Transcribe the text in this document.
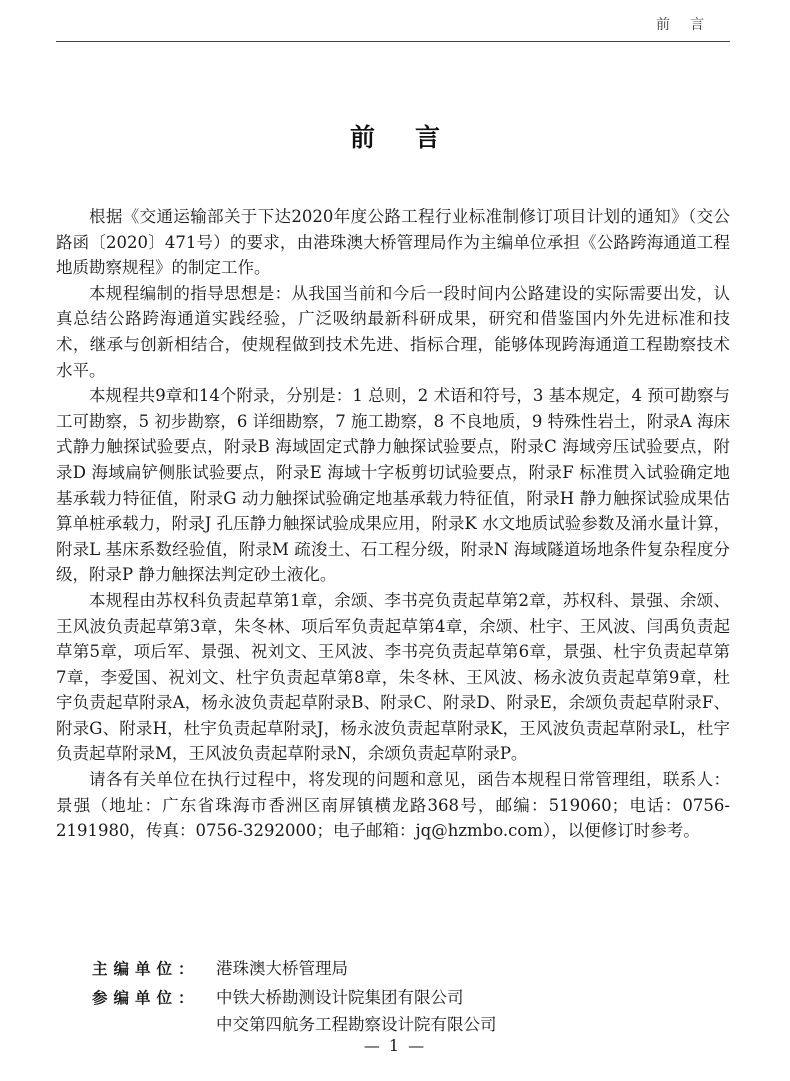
前言
前言

根据《交通运输部关于下达2020年度公路工程行业标准制修订项目计划的通知》（交公路函〔2020〕471号）的要求，由港珠澳大桥管理局作为主编单位承担《公路跨海通道工程地质勘察规程》的制定工作。

本规程编制的指导思想是：从我国当前和今后一段时间内公路建设的实际需要出发，认真总结公路跨海通道实践经验，广泛吸纳最新科研成果，研究和借鉴国内外先进标准和技术，继承与创新相结合，使规程做到技术先进、指标合理，能够体现跨海通道工程勘察技术水平。

本规程共9章和14个附录，分别是：1 总则，2 术语和符号，3 基本规定，4 预可勘察与工可勘察，5 初步勘察，6 详细勘察，7 施工勘察，8 不良地质，9 特殊性岩土，附录A 海床式静力触探试验要点，附录B 海域固定式静力触探试验要点，附录C 海域旁压试验要点，附录D 海域扁铲侧胀试验要点，附录E 海域十字板剪切试验要点，附录F 标准贯入试验确定地基承载力特征值，附录G 动力触探试验确定地基承载力特征值，附录H 静力触探试验成果估算单桩承载力，附录J 孔压静力触探试验成果应用，附录K 水文地质试验参数及涌水量计算，附录L 基床系数经验值，附录M 疏浚土、石工程分级，附录N 海域隧道场地条件复杂程度分级，附录P 静力触探法判定砂土液化。

本规程由苏权科负责起草第1章，余颂、李书亮负责起草第2章，苏权科、景强、余颂、王风波负责起草第3章，朱冬林、项后军负责起草第4章，余颂、杜宇、王风波、闫禹负责起草第5章，项后军、景强、祝刘文、王风波、李书亮负责起草第6章，景强、杜宇负责起草第7章，李爱国、祝刘文、杜宇负责起草第8章，朱冬林、王风波、杨永波负责起草第9章，杜宇负责起草附录A，杨永波负责起草附录B、附录C、附录D、附录E，余颂负责起草附录F、附录G、附录H，杜宇负责起草附录J，杨永波负责起草附录K，王风波负责起草附录L，杜宇负责起草附录M，王风波负责起草附录N，余颂负责起草附录P。

请各有关单位在执行过程中，将发现的问题和意见，函告本规程日常管理组，联系人：景强（地址：广东省珠海市香洲区南屏镇横龙路368号，邮编：519060；电话：0756-2191980，传真：0756-3292000；电子邮箱：jq@hzmbo.com），以便修订时参考。

主编单位： 港珠澳大桥管理局
参编单位： 中铁大桥勘测设计院集团有限公司
中交第四航务工程勘察设计院有限公司
— 1 —
